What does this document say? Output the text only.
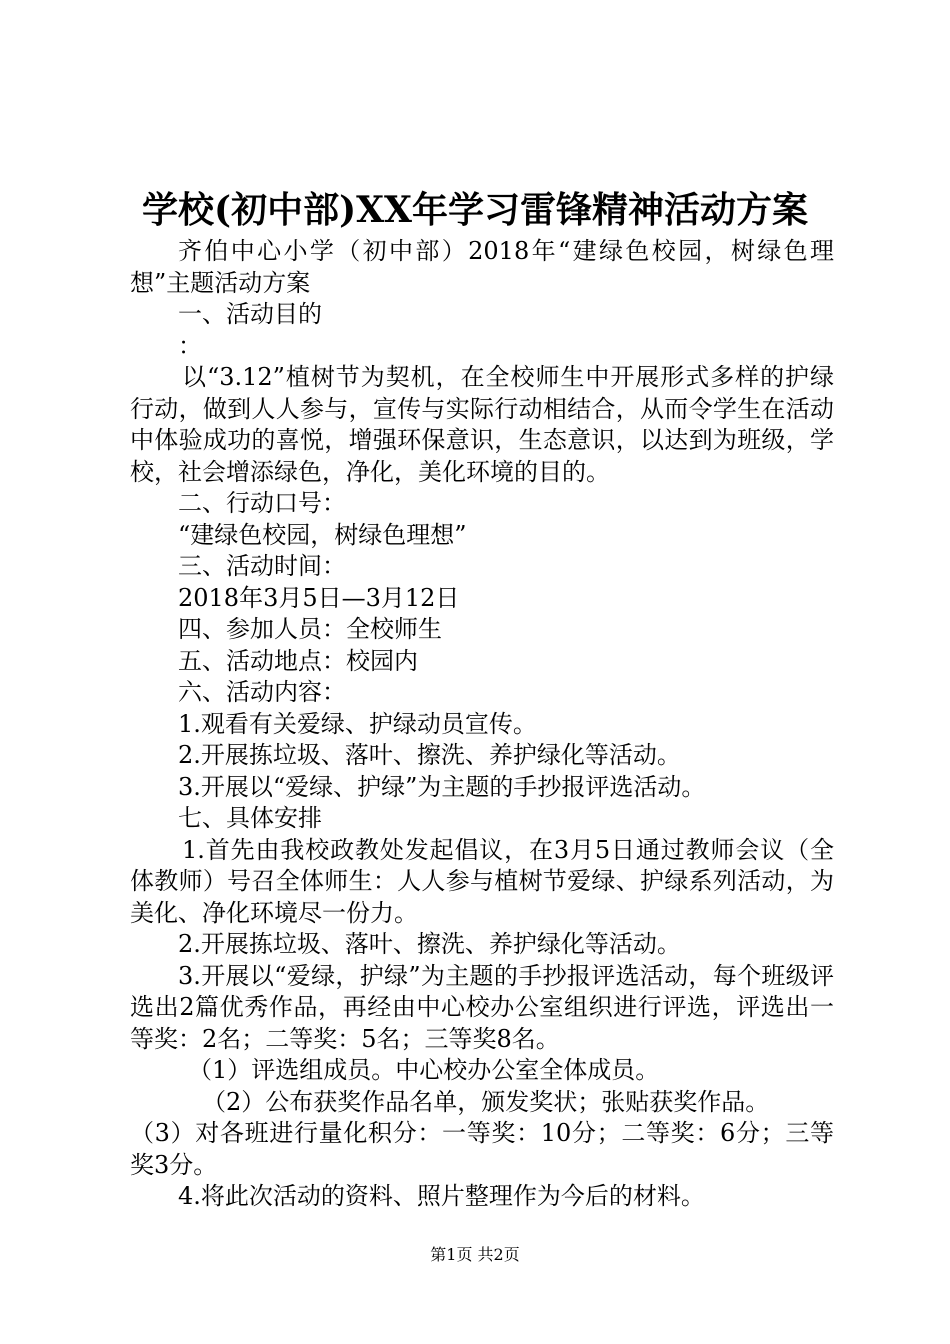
学校(初中部)XX年学习雷锋精神活动方案

齐伯中心小学（初中部）2018年“建绿色校园，树绿色理想”主题活动方案

一、活动目的

：

以“3.12”植树节为契机，在全校师生中开展形式多样的护绿行动，做到人人参与，宣传与实际行动相结合，从而令学生在活动中体验成功的喜悦，增强环保意识，生态意识，以达到为班级，学校，社会增添绿色，净化，美化环境的目的。

二、行动口号：

“建绿色校园，树绿色理想”

三、活动时间：

2018年3月5日—3月12日

四、参加人员：全校师生

五、活动地点：校园内

六、活动内容：

1.观看有关爱绿、护绿动员宣传。

2.开展拣垃圾、落叶、擦洗、养护绿化等活动。

3.开展以“爱绿、护绿”为主题的手抄报评选活动。

七、具体安排

1.首先由我校政教处发起倡议，在3月5日通过教师会议（全体教师）号召全体师生：人人参与植树节爱绿、护绿系列活动，为美化、净化环境尽一份力。

2.开展拣垃圾、落叶、擦洗、养护绿化等活动。

3.开展以“爱绿，护绿”为主题的手抄报评选活动，每个班级评选出2篇优秀作品，再经由中心校办公室组织进行评选，评选出一等奖：2名；二等奖：5名；三等奖8名。

（1）评选组成员。中心校办公室全体成员。

（2）公布获奖作品名单，颁发奖状；张贴获奖作品。

（3）对各班进行量化积分：一等奖：10分；二等奖：6分；三等奖3分。

4.将此次活动的资料、照片整理作为今后的材料。

第1页 共2页
